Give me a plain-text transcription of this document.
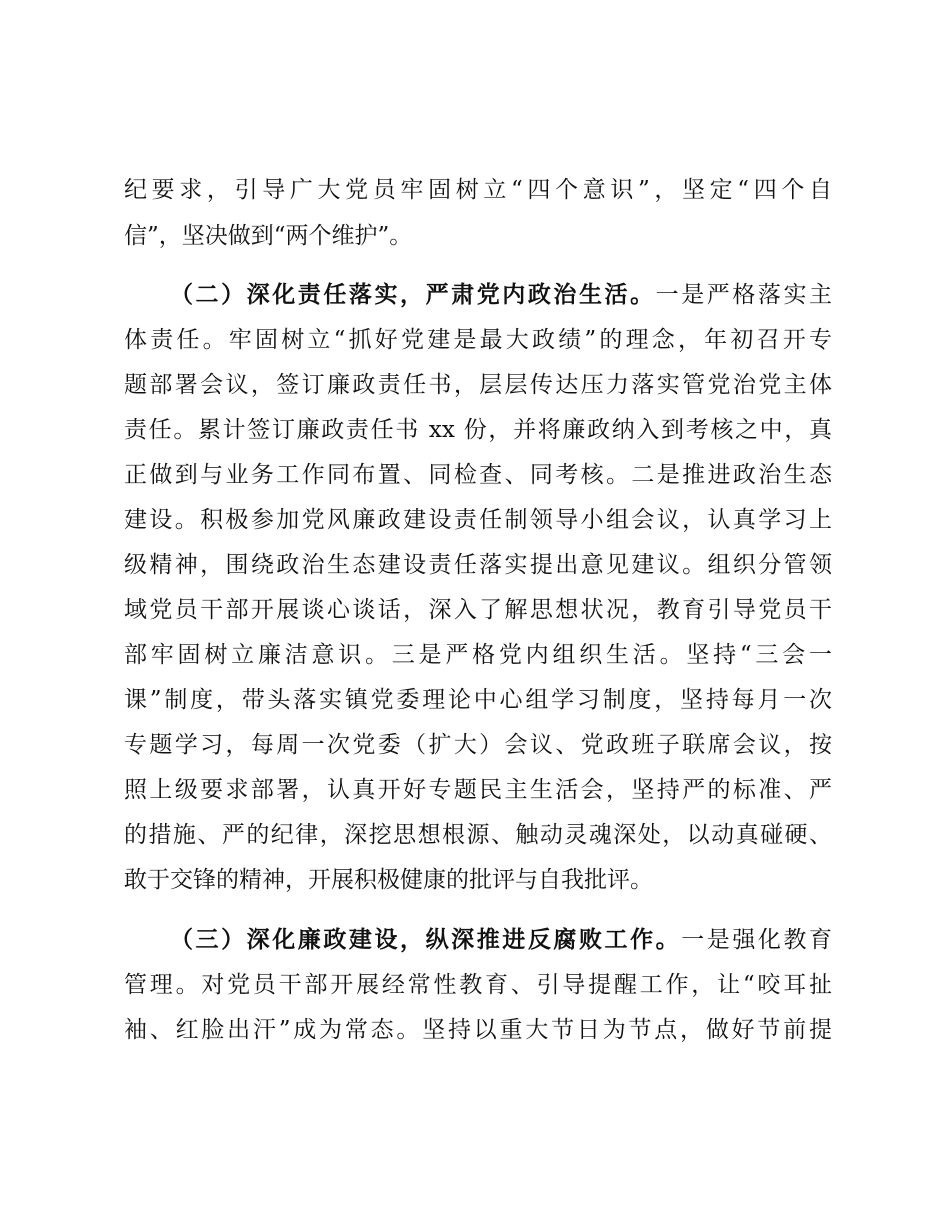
纪要求，引导广大党员牢固树立“四个意识”，坚定“四个自
信”，坚决做到“两个维护”。
（二）深化责任落实，严肃党内政治生活。一是严格落实主
体责任。牢固树立“抓好党建是最大政绩”的理念，年初召开专
题部署会议，签订廉政责任书，层层传达压力落实管党治党主体
责任。累计签订廉政责任书 xx 份，并将廉政纳入到考核之中，真
正做到与业务工作同布置、同检查、同考核。二是推进政治生态
建设。积极参加党风廉政建设责任制领导小组会议，认真学习上
级精神，围绕政治生态建设责任落实提出意见建议。组织分管领
域党员干部开展谈心谈话，深入了解思想状况，教育引导党员干
部牢固树立廉洁意识。三是严格党内组织生活。坚持“三会一
课”制度，带头落实镇党委理论中心组学习制度，坚持每月一次
专题学习，每周一次党委（扩大）会议、党政班子联席会议，按
照上级要求部署，认真开好专题民主生活会，坚持严的标准、严
的措施、严的纪律，深挖思想根源、触动灵魂深处，以动真碰硬、
敢于交锋的精神，开展积极健康的批评与自我批评。
（三）深化廉政建设，纵深推进反腐败工作。一是强化教育
管理。对党员干部开展经常性教育、引导提醒工作，让“咬耳扯
袖、红脸出汗”成为常态。坚持以重大节日为节点，做好节前提
